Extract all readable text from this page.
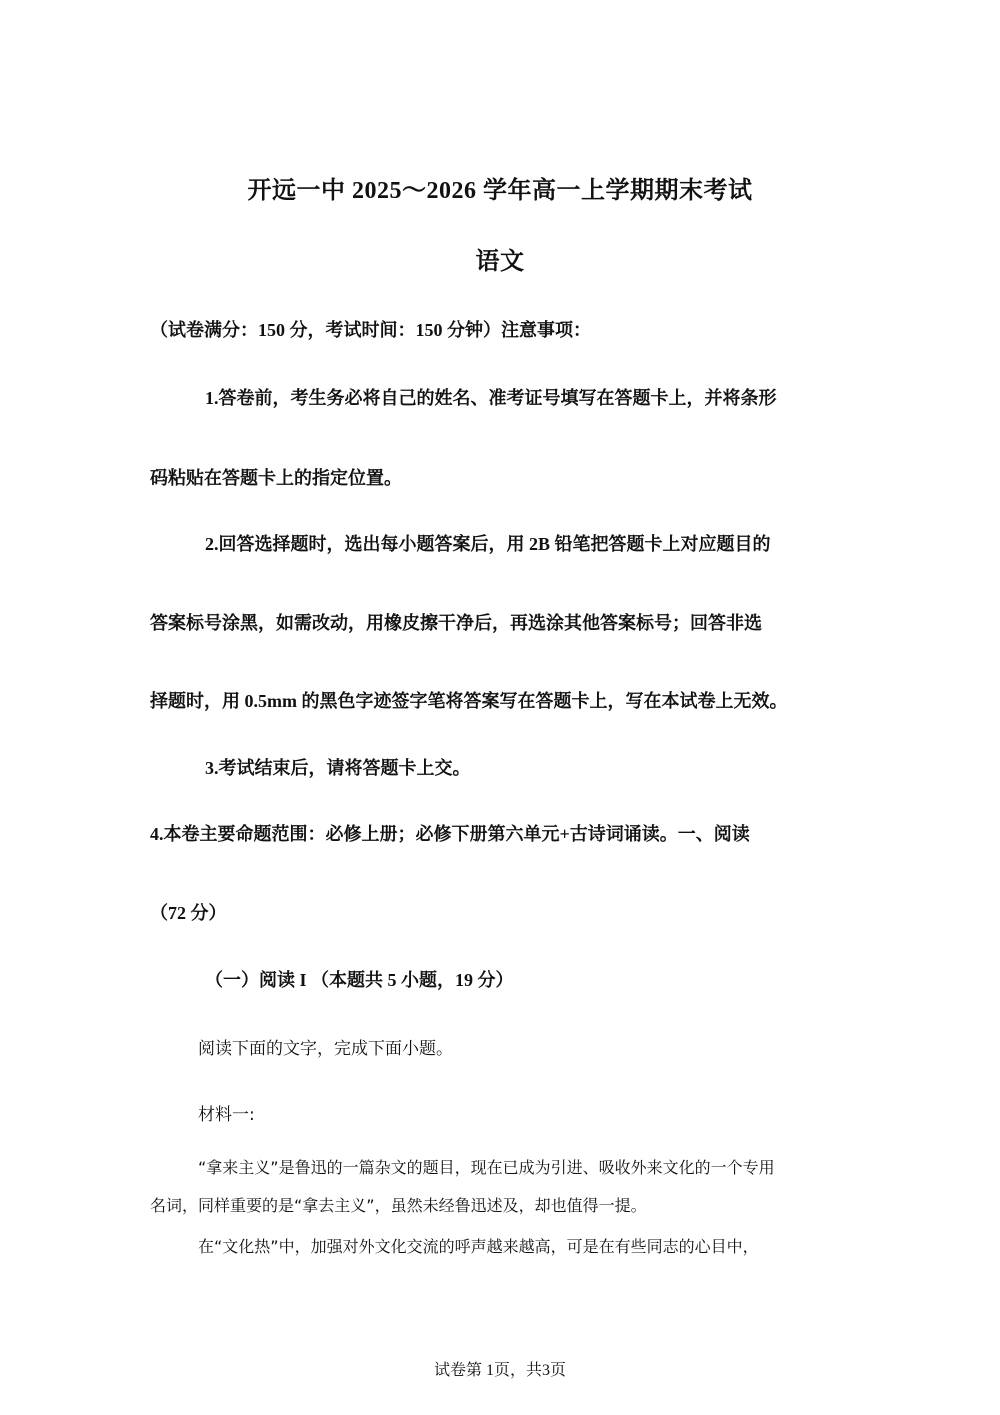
开远一中 2025～2026 学年高一上学期期末考试
语文
（试卷满分：150 分，考试时间：150 分钟）注意事项：
1.答卷前，考生务必将自己的姓名、准考证号填写在答题卡上，并将条形
码粘贴在答题卡上的指定位置。
2.回答选择题时，选出每小题答案后，用 2B 铅笔把答题卡上对应题目的
答案标号涂黑，如需改动，用橡皮擦干净后，再选涂其他答案标号；回答非选
择题时，用 0.5mm 的黑色字迹签字笔将答案写在答题卡上，写在本试卷上无效。
3.考试结束后，请将答题卡上交。
4.本卷主要命题范围：必修上册；必修下册第六单元+古诗词诵读。一、阅读
（72 分）
（一）阅读 I （本题共 5 小题，19 分）
阅读下面的文字，完成下面小题。
材料一:
“拿来主义”是鲁迅的一篇杂文的题目，现在已成为引进、吸收外来文化的一个专用
名词，同样重要的是“拿去主义”，虽然未经鲁迅述及，却也值得一提。
在“文化热”中，加强对外文化交流的呼声越来越高，可是在有些同志的心目中，
试卷第 1页，共3页
